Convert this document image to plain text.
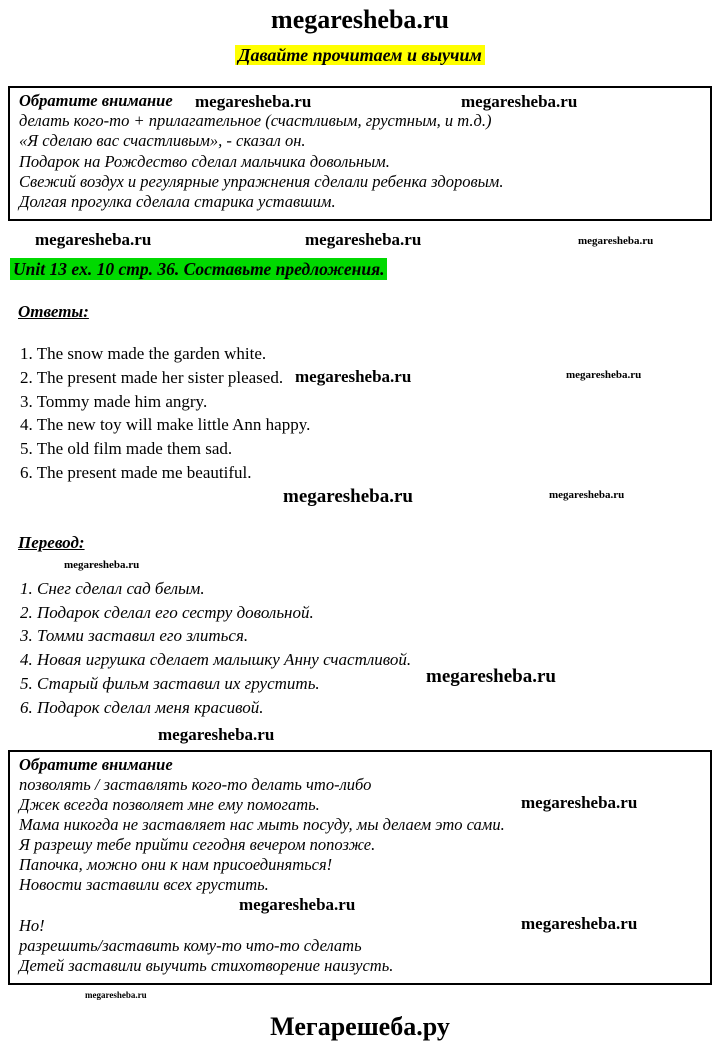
megaresheba.ru
Давайте прочитаем и выучим
Обратите внимание megaresheba.ru	megaresheba.ru
делать кого-то + прилагательное (счастливым, грустным, и т.д.)
«Я сделаю вас счастливым», - сказал он.
Подарок на Рождество сделал мальчика довольным.
Свежий воздух и регулярные упражнения сделали ребенка здоровым.
Долгая прогулка сделала старика уставшим.
megaresheba.ru	megaresheba.ru	megaresheba.ru
Unit 13 ex. 10 стр. 36. Составьте предложения.
Ответы:
1. The snow made the garden white.
2. The present made her sister pleased. megaresheba.ru	megaresheba.ru
3. Tommy made him angry.
4. The new toy will make little Ann happy.
5. The old film made them sad.
6. The present made me beautiful.
megaresheba.ru	megaresheba.ru
Перевод:
megaresheba.ru
1. Снег сделал сад белым.
2. Подарок сделал его сестру довольной.
3. Томми заставил его злиться.
4. Новая игрушка сделает малышку Анну счастливой.
5. Старый фильм заставил их грустить.	megaresheba.ru
6. Подарок сделал меня красивой.
megaresheba.ru
Обратите внимание
позволять / заставлять кого-то делать что-либо
Джек всегда позволяет мне ему помогать.	megaresheba.ru
Мама никогда не заставляет нас мыть посуду, мы делаем это сами.
Я разрешу тебе прийти сегодня вечером попозже.
Папочка, можно они к нам присоединяться!
Новости заставили всех грустить.
megaresheba.ru
Но!	megaresheba.ru
разрешить/заставить кому-то что-то сделать
Детей заставили выучить стихотворение наизусть.
megaresheba.ru
Мегарешеба.ру
